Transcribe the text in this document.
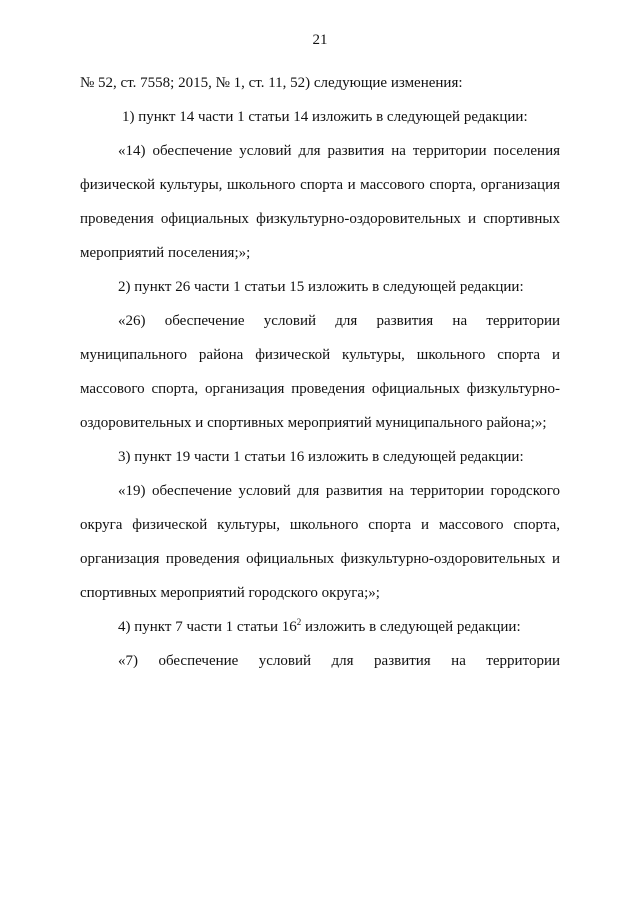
21

№ 52, ст. 7558; 2015, № 1, ст. 11, 52) следующие изменения:

1) пункт 14 части 1 статьи 14 изложить в следующей редакции:

«14) обеспечение условий для развития на территории поселения физической культуры, школьного спорта и массового спорта, организация проведения официальных физкультурно-оздоровительных и спортивных мероприятий поселения;»;

2) пункт 26 части 1 статьи 15 изложить в следующей редакции:

«26) обеспечение условий для развития на территории муниципального района физической культуры, школьного спорта и массового спорта, организация проведения официальных физкультурно-оздоровительных и спортивных мероприятий муниципального района;»;

3) пункт 19 части 1 статьи 16 изложить в следующей редакции:

«19) обеспечение условий для развития на территории городского округа физической культуры, школьного спорта и массового спорта, организация проведения официальных физкультурно-оздоровительных и спортивных мероприятий городского округа;»;

4) пункт 7 части 1 статьи $16^2$ изложить в следующей редакции:

«7) обеспечение условий для развития на территории
